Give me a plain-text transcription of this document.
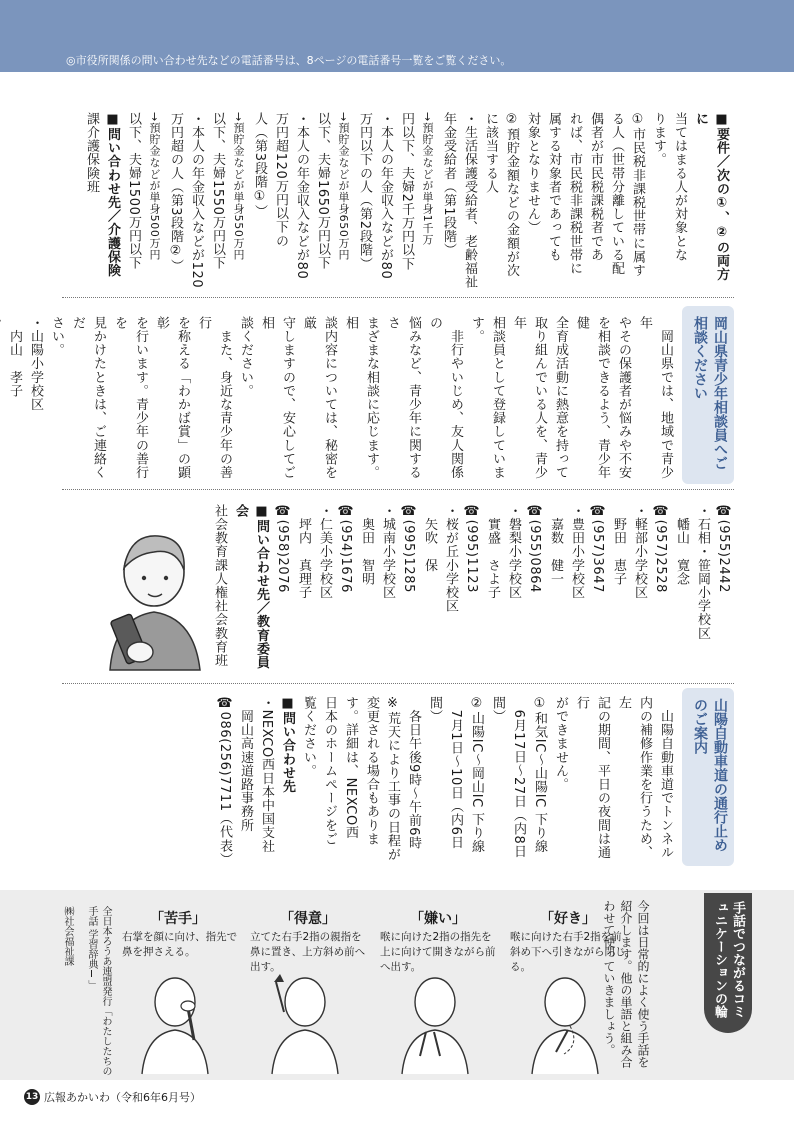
◎市役所関係の問い合わせ先などの電話番号は、8ページの電話番号一覧をご覧ください。

■要件／次の①、②の両方に

当てはまる人が対象とな

ります。

①市民税非課税世帯に属す

る人（世帯分離している配

偶者が市民税課税者であ

れば、市民税非課税世帯に

属する対象者であっても

対象となりません）

②預貯金額などの金額が次

に該当する人

・生活保護受給者、老齢福祉

年金受給者（第1段階）

→預貯金などが単身1千万

円以下、夫婦2千万円以下

・本人の年金収入などが80

万円以下の人（第2段階）

→預貯金などが単身650万円

以下、夫婦1650万円以下

・本人の年金収入などが80

万円超120万円以下の

人（第3段階①）

→預貯金などが単身550万円

以下、夫婦1550万円以下

・本人の年金収入などが120

万円超の人（第3段階②）

→預貯金などが単身500万円

以下、夫婦1500万円以下

■問い合わせ先／介護保険

課介護保険班

岡山県青少年相談員へご相談ください

　岡山県では、地域で青少年

やその保護者が悩みや不安

を相談できるよう、青少年健

全育成活動に熱意を持って

取り組んでいる人を、青少年

相談員として登録していま

す。

　非行やいじめ、友人関係の

悩みなど、青少年に関するさ

まざまな相談に応じます。相

談内容については、秘密を厳

守しますので、安心してご相

談ください。

　また、身近な青少年の善行

を称える「わかば賞」の顕彰

を行います。青少年の善行を

見かけたときは、ご連絡くだ

さい。

・山陽小学校区

　内山　孝子

☎(955)2442

・石相・笹岡小学校区

　幡山　寛念

☎(957)2528

・軽部小学校区

　野田　恵子

☎(957)3647

・豊田小学校区

　嘉数　健一

☎(955)0864

・磐梨小学校区

　實盛　さよ子

☎(995)1123

・桜が丘小学校区

　矢吹　保

☎(995)1285

・城南小学校区

　奥田　智明

☎(954)1676

・仁美小学校区

　坪内　真理子

☎(958)2076

■問い合わせ先／教育委員会

社会教育課人権社会教育班

山陽自動車道の通行止めのご案内

　山陽自動車道でトンネル

内の補修作業を行うため、左

記の期間、平日の夜間は通行

ができません。

①和気IC～山陽IC 下り線

　6月17日～27日（内8日間）

②山陽IC～岡山IC 下り線

　7月1日～10日（内6日間）

　各日午後9時～午前6時

※荒天により工事の日程が

変更される場合もありま

す。詳細は、NEXCO西

日本のホームページをご

覧ください。

■問い合わせ先

・NEXCO西日本中国支社

　岡山高速道路事務所

☎086(256)7711（代表）

手話でつながるコミュニケーションの輪
今回は日常的によく使う手話を紹介します。他の単語と組み合わせて使っていきましょう。
「好き」
喉に向けた右手2指を前斜め下へ引きながら閉じる。
「嫌い」
喉に向けた2指の指先を上に向けて開きながら前へ出す。
「得意」
立てた右手2指の親指を鼻に置き、上方斜め前へ出す。
「苦手」
右掌を顔に向け、指先で鼻を押さえる。
全日本ろうあ連盟発行「わたしたちの手話 学習辞典Ⅰ」
㈱社会福祉課
13 広報あかいわ（令和6年6月号）
